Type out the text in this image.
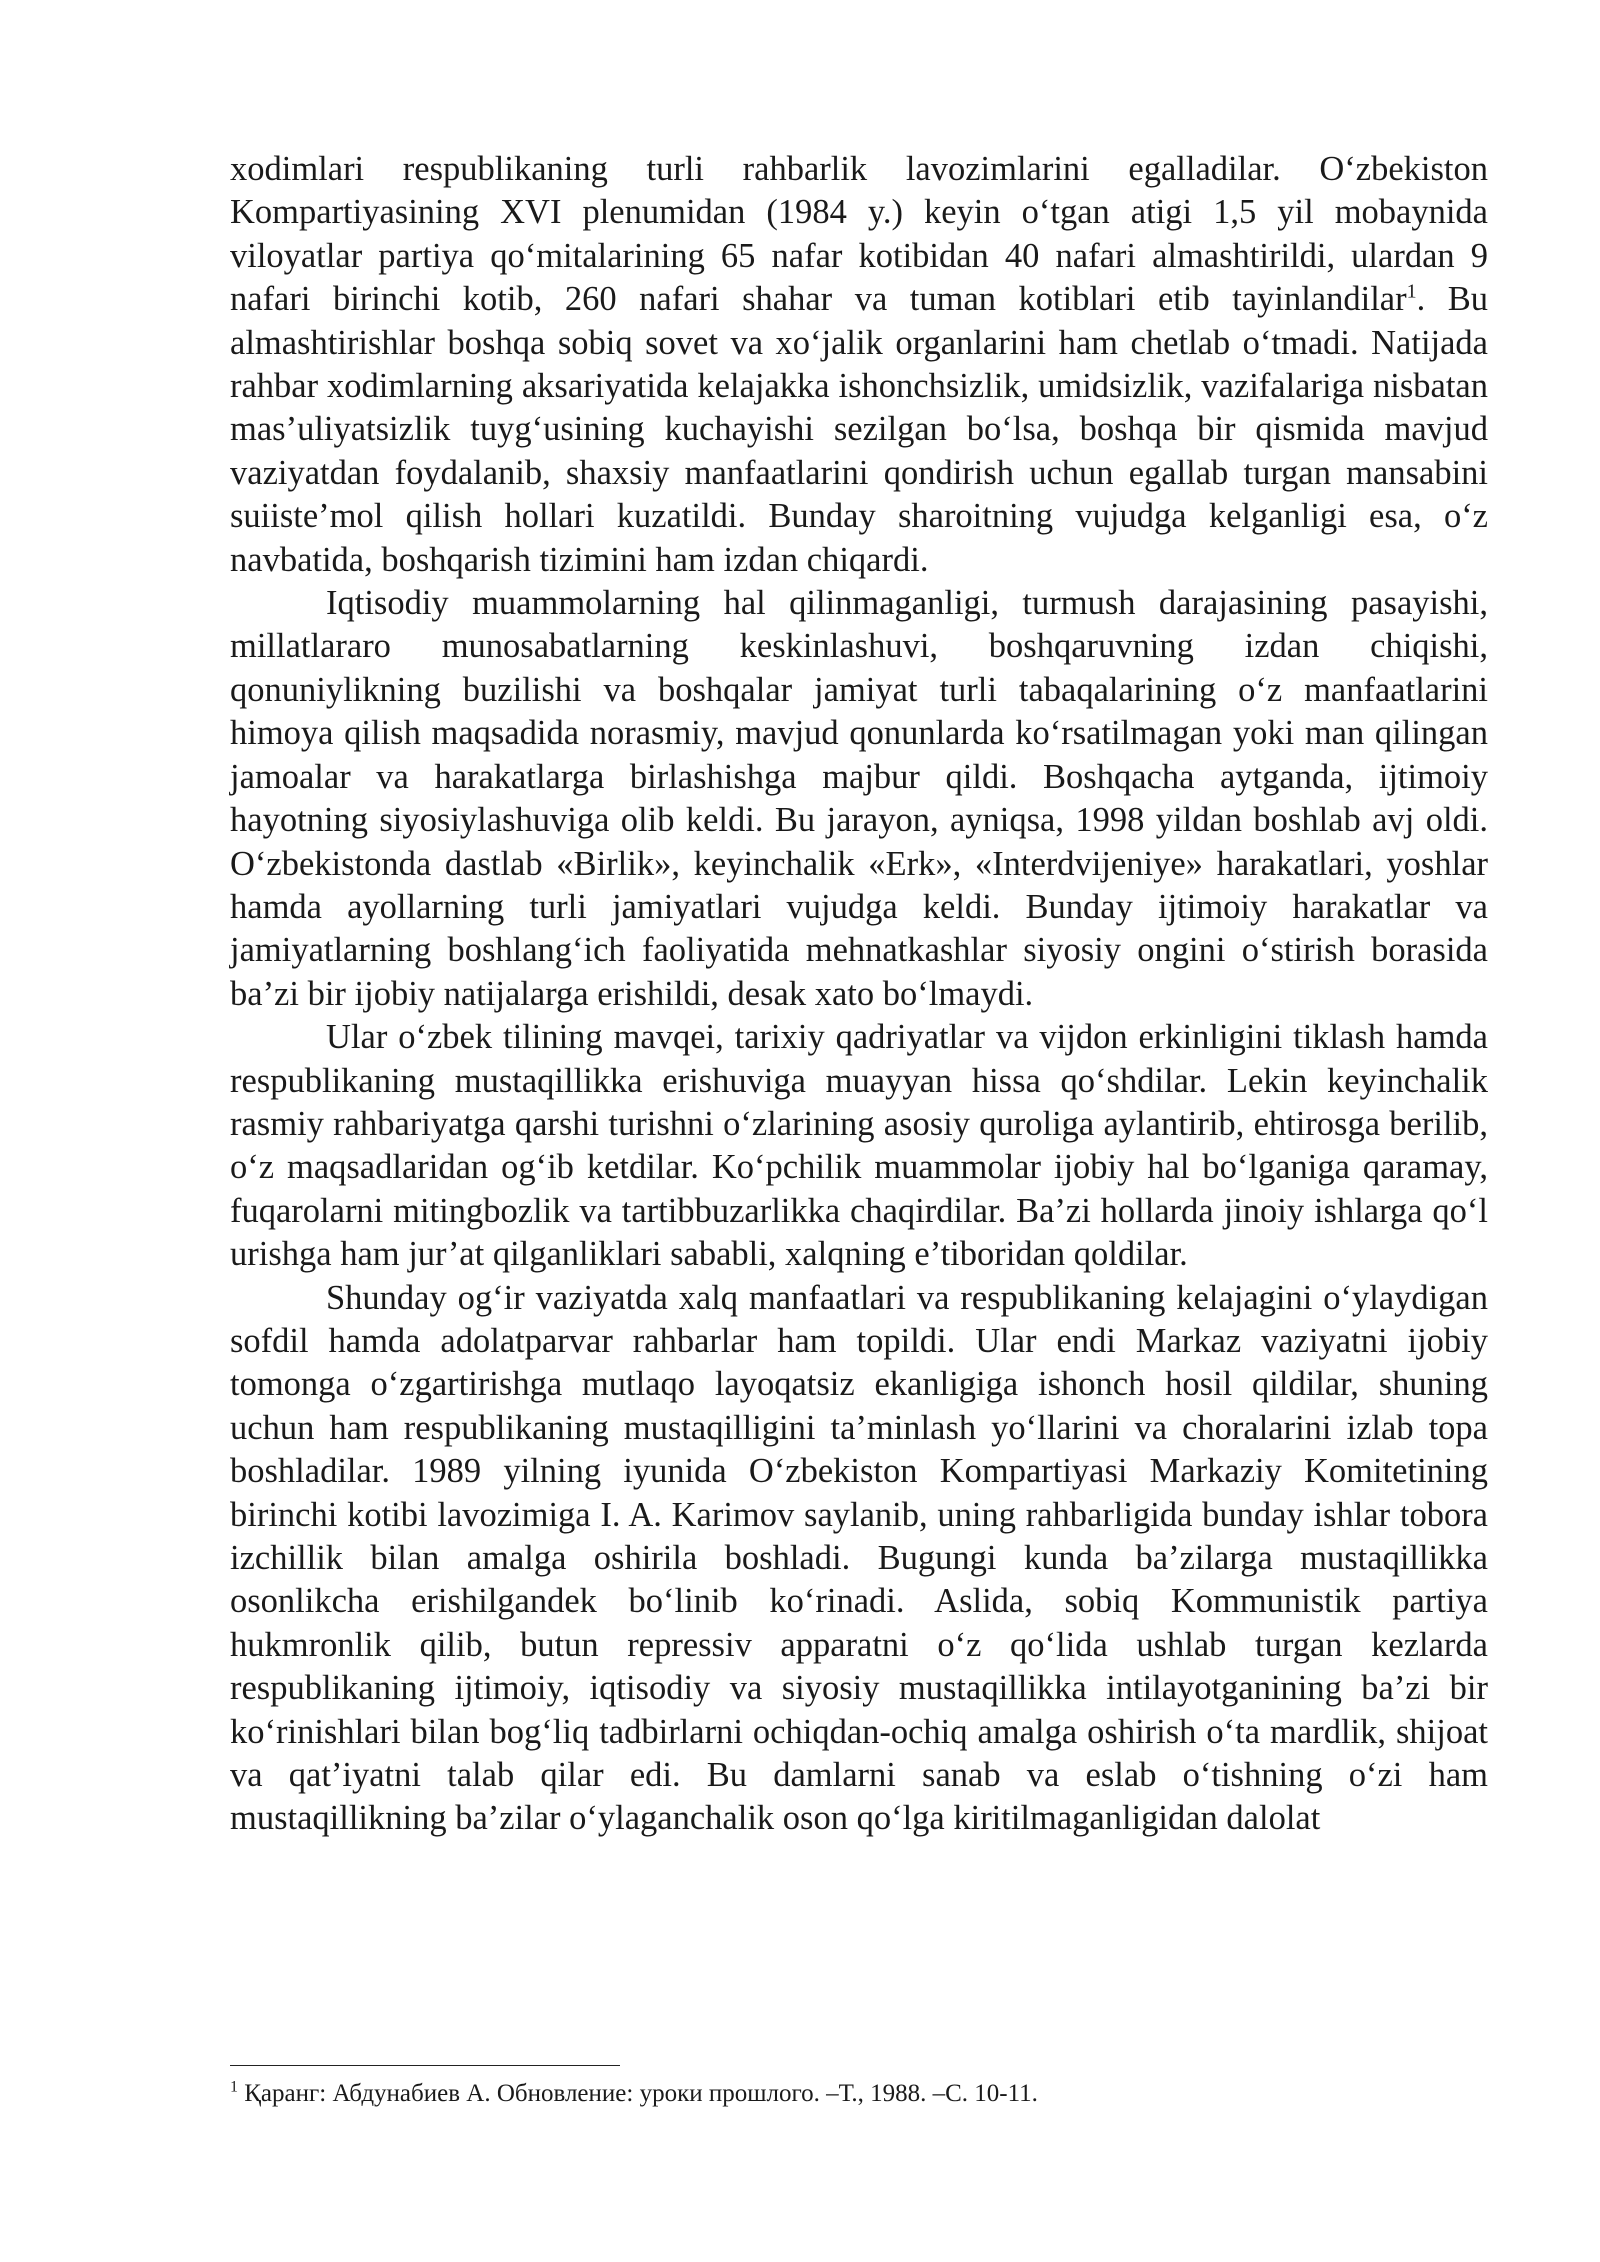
xodimlari respublikaning turli rahbarlik lavozimlarini egalladilar. O‘zbekiston Kompartiyasining XVI plenumidan (1984 y.) keyin o‘tgan atigi 1,5 yil mobaynida viloyatlar partiya qo‘mitalarining 65 nafar kotibidan 40 nafari almashtirildi, ulardan 9 nafari birinchi kotib, 260 nafari shahar va tuman kotiblari etib tayinlandilar$^1$. Bu almashtirishlar boshqa sobiq sovet va xo‘jalik organlarini ham chetlab o‘tmadi. Natijada rahbar xodimlarning aksariyatida kelajakka ishonchsizlik, umidsizlik, vazifalariga nisbatan mas’uliyatsizlik tuyg‘usining kuchayishi sezilgan bo‘lsa, boshqa bir qismida mavjud vaziyatdan foydalanib, shaxsiy manfaatlarini qondirish uchun egallab turgan mansabini suiiste’mol qilish hollari kuzatildi. Bunday sharoitning vujudga kelganligi esa, o‘z navbatida, boshqarish tizimini ham izdan chiqardi.

Iqtisodiy muammolarning hal qilinmaganligi, turmush darajasining pasayishi, millatlararo munosabatlarning keskinlashuvi, boshqaruvning izdan chiqishi, qonuniylikning buzilishi va boshqalar jamiyat turli tabaqalarining o‘z manfaatlarini himoya qilish maqsadida norasmiy, mavjud qonunlarda ko‘rsatilmagan yoki man qilingan jamoalar va harakatlarga birlashishga majbur qildi. Boshqacha aytganda, ijtimoiy hayotning siyosiylashuviga olib keldi. Bu jarayon, ayniqsa, 1998 yildan boshlab avj oldi. O‘zbekistonda dastlab «Birlik», keyinchalik «Erk», «Interdvijeniye» harakatlari, yoshlar hamda ayollarning turli jamiyatlari vujudga keldi. Bunday ijtimoiy harakatlar va jamiyatlarning boshlang‘ich faoliyatida mehnatkashlar siyosiy ongini o‘stirish borasida ba’zi bir ijobiy natijalarga erishildi, desak xato bo‘lmaydi.

Ular o‘zbek tilining mavqei, tarixiy qadriyatlar va vijdon erkinligini tiklash hamda respublikaning mustaqillikka erishuviga muayyan hissa qo‘shdilar. Lekin keyinchalik rasmiy rahbariyatga qarshi turishni o‘zlarining asosiy quroliga aylantirib, ehtirosga berilib, o‘z maqsadlaridan og‘ib ketdilar. Ko‘pchilik muammolar ijobiy hal bo‘lganiga qaramay, fuqarolarni mitingbozlik va tartibbuzarlikka chaqirdilar. Ba’zi hollarda jinoiy ishlarga qo‘l urishga ham jur’at qilganliklari sababli, xalqning e’tiboridan qoldilar.

Shunday og‘ir vaziyatda xalq manfaatlari va respublikaning kelajagini o‘ylaydigan sofdil hamda adolatparvar rahbarlar ham topildi. Ular endi Markaz vaziyatni ijobiy tomonga o‘zgartirishga mutlaqo layoqatsiz ekanligiga ishonch hosil qildilar, shuning uchun ham respublikaning mustaqilligini ta’minlash yo‘llarini va choralarini izlab topa boshladilar. 1989 yilning iyunida O‘zbekiston Kompartiyasi Markaziy Komitetining birinchi kotibi lavozimiga I. A. Karimov saylanib, uning rahbarligida bunday ishlar tobora izchillik bilan amalga oshirila boshladi. Bugungi kunda ba’zilarga mustaqillikka osonlikcha erishilgandek bo‘linib ko‘rinadi. Aslida, sobiq Kommunistik partiya hukmronlik qilib, butun repressiv apparatni o‘z qo‘lida ushlab turgan kezlarda respublikaning ijtimoiy, iqtisodiy va siyosiy mustaqillikka intilayotganining ba’zi bir ko‘rinishlari bilan bog‘liq tadbirlarni ochiqdan-ochiq amalga oshirish o‘ta mardlik, shijoat va qat’iyatni talab qilar edi. Bu damlarni sanab va eslab o‘tishning o‘zi ham mustaqillikning ba’zilar o‘ylaganchalik oson qo‘lga kiritilmaganligidan dalolat

$^1$ Қаранг: Абдунабиев А. Обновление: уроки прошлого. –Т., 1988. –С. 10-11.
